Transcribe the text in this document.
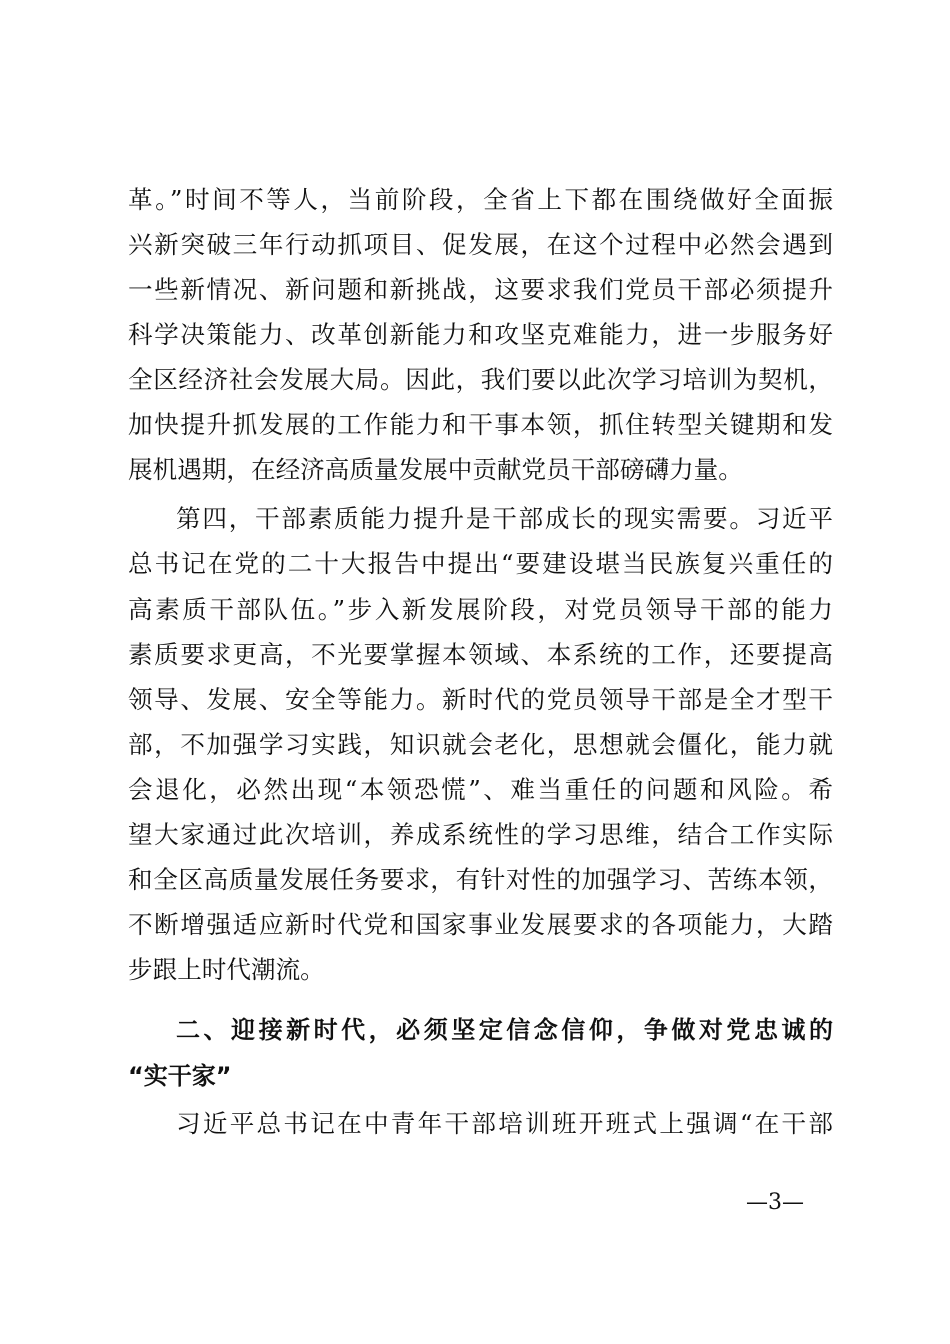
革。”时间不等人，当前阶段，全省上下都在围绕做好全面振
兴新突破三年行动抓项目、促发展，在这个过程中必然会遇到
一些新情况、新问题和新挑战，这要求我们党员干部必须提升
科学决策能力、改革创新能力和攻坚克难能力，进一步服务好
全区经济社会发展大局。因此，我们要以此次学习培训为契机，
加快提升抓发展的工作能力和干事本领，抓住转型关键期和发
展机遇期，在经济高质量发展中贡献党员干部磅礴力量。
第四，干部素质能力提升是干部成长的现实需要。习近平
总书记在党的二十大报告中提出“要建设堪当民族复兴重任的
高素质干部队伍。”步入新发展阶段，对党员领导干部的能力
素质要求更高，不光要掌握本领域、本系统的工作，还要提高
领导、发展、安全等能力。新时代的党员领导干部是全才型干
部，不加强学习实践，知识就会老化，思想就会僵化，能力就
会退化，必然出现“本领恐慌”、难当重任的问题和风险。希
望大家通过此次培训，养成系统性的学习思维，结合工作实际
和全区高质量发展任务要求，有针对性的加强学习、苦练本领，
不断增强适应新时代党和国家事业发展要求的各项能力，大踏
步跟上时代潮流。
二、迎接新时代，必须坚定信念信仰，争做对党忠诚的
“实干家”
习近平总书记在中青年干部培训班开班式上强调“在干部
—3—
